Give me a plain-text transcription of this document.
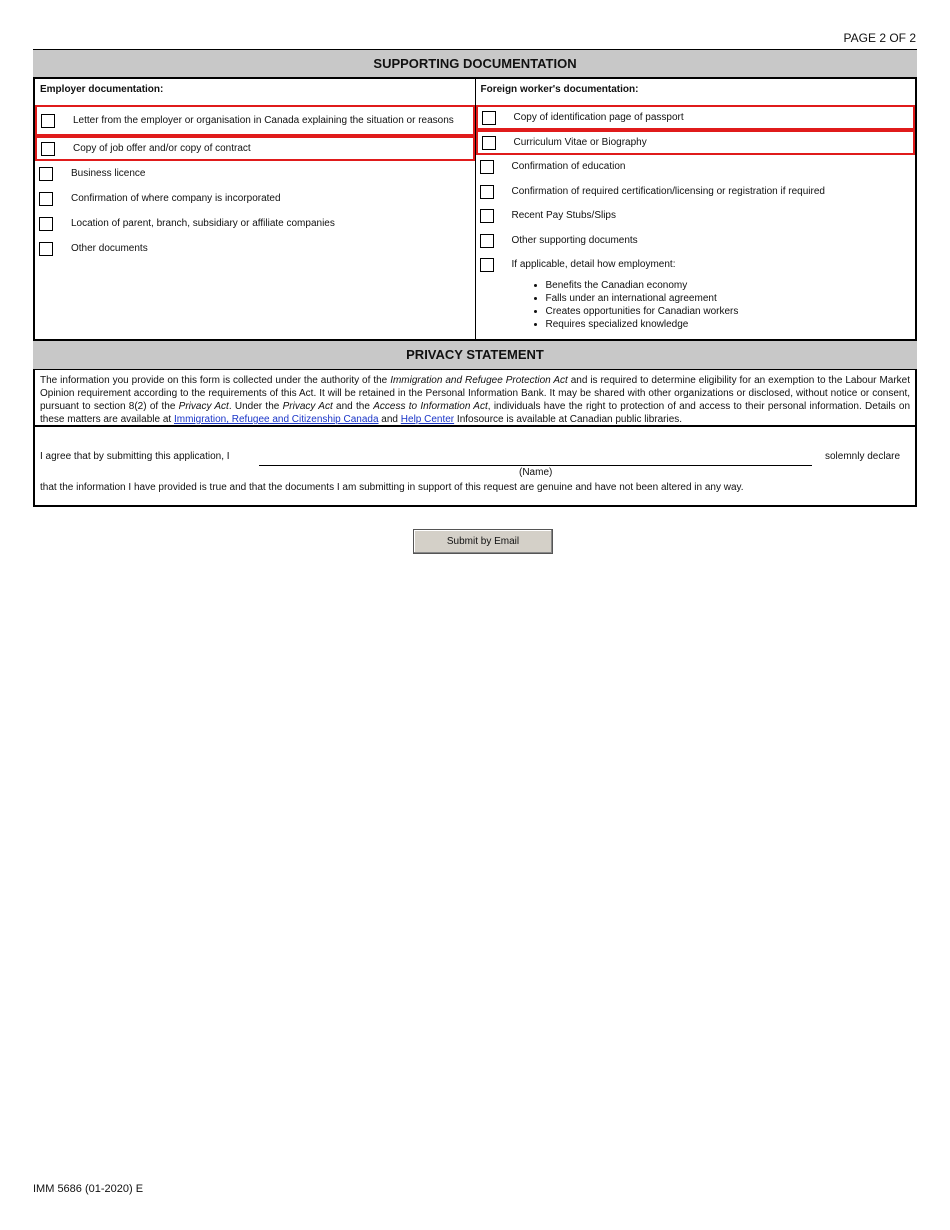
PAGE 2 OF 2
SUPPORTING DOCUMENTATION
Employer documentation:
Letter from the employer or organisation in Canada explaining the situation or reasons
Copy of job offer and/or copy of contract
Business licence
Confirmation of where company is incorporated
Location of parent, branch, subsidiary or affiliate companies
Other documents
Foreign worker's documentation:
Copy of identification page of passport
Curriculum Vitae or Biography
Confirmation of education
Confirmation of required certification/licensing or registration if required
Recent Pay Stubs/Slips
Other supporting documents
If applicable, detail how employment:
• Benefits the Canadian economy
• Falls under an international agreement
• Creates opportunities for Canadian workers
• Requires specialized knowledge
PRIVACY STATEMENT
The information you provide on this form is collected under the authority of the Immigration and Refugee Protection Act and is required to determine eligibility for an exemption to the Labour Market Opinion requirement according to the requirements of this Act. It will be retained in the Personal Information Bank. It may be shared with other organizations or disclosed, without notice or consent, pursuant to section 8(2) of the Privacy Act. Under the Privacy Act and the Access to Information Act, individuals have the right to protection of and access to their personal information. Details on these matters are available at Immigration, Refugee and Citizenship Canada and Help Center Infosource is available at Canadian public libraries.
I agree that by submitting this application, I
(Name)
solemnly declare
that the information I have provided is true and that the documents I am submitting in support of this request are genuine and have not been altered in any way.
Submit by Email
IMM 5686 (01-2020) E
